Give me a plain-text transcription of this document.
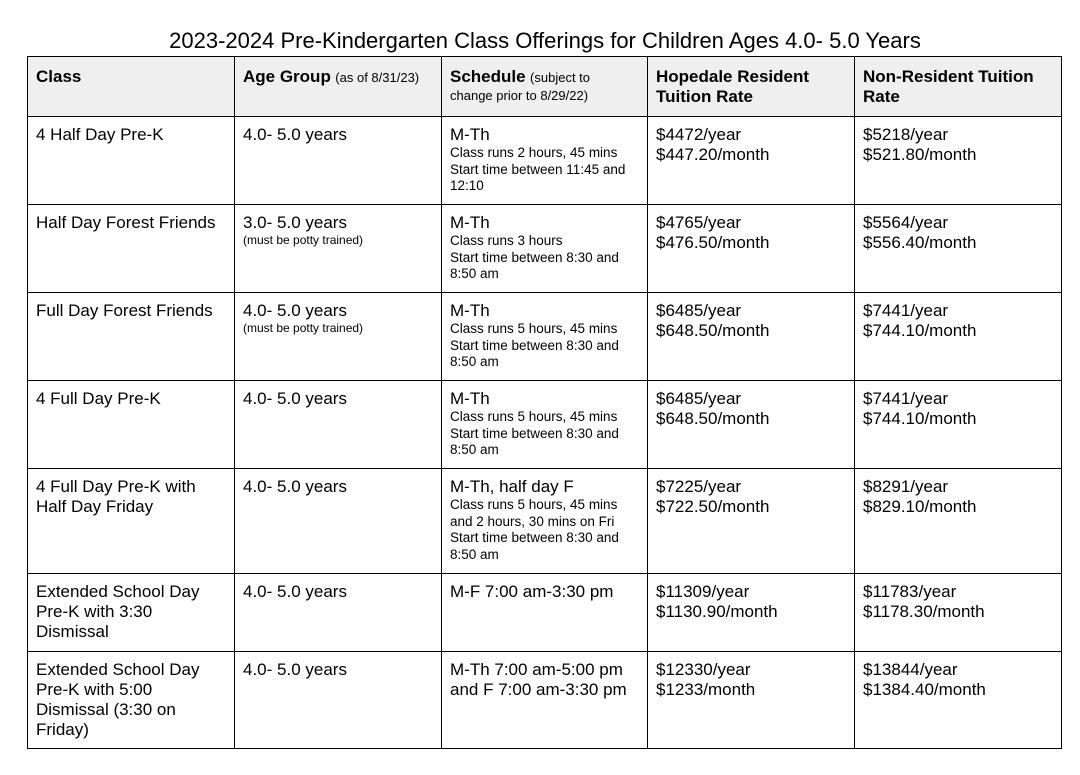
2023-2024 Pre-Kindergarten Class Offerings for Children Ages 4.0- 5.0 Years
Class	Age Group (as of 8/31/23)	Schedule (subject to
change prior to 8/29/22)	Hopedale Resident
Tuition Rate	Non-Resident Tuition
Rate

4 Half Day Pre-K	4.0- 5.0 years	M-Th
Class runs 2 hours, 45 mins
Start time between 11:45 and
12:10	$4472/year
$447.20/month	$5218/year
$521.80/month

Half Day Forest Friends	3.0- 5.0 years
(must be potty trained)	M-Th
Class runs 3 hours
Start time between 8:30 and
8:50 am	$4765/year
$476.50/month	$5564/year
$556.40/month

Full Day Forest Friends	4.0- 5.0 years
(must be potty trained)	M-Th
Class runs 5 hours, 45 mins
Start time between 8:30 and
8:50 am	$6485/year
$648.50/month	$7441/year
$744.10/month

4 Full Day Pre-K	4.0- 5.0 years	M-Th
Class runs 5 hours, 45 mins
Start time between 8:30 and
8:50 am	$6485/year
$648.50/month	$7441/year
$744.10/month

4 Full Day Pre-K with
Half Day Friday	4.0- 5.0 years	M-Th, half day F
Class runs 5 hours, 45 mins
and 2 hours, 30 mins on Fri
Start time between 8:30 and
8:50 am	$7225/year
$722.50/month	$8291/year
$829.10/month

Extended School Day
Pre-K with 3:30
Dismissal	4.0- 5.0 years	M-F 7:00 am-3:30 pm	$11309/year
$1130.90/month	$11783/year
$1178.30/month

Extended School Day
Pre-K with 5:00
Dismissal (3:30 on
Friday)	4.0- 5.0 years	M-Th 7:00 am-5:00 pm
and F 7:00 am-3:30 pm	$12330/year
$1233/month	$13844/year
$1384.40/month
